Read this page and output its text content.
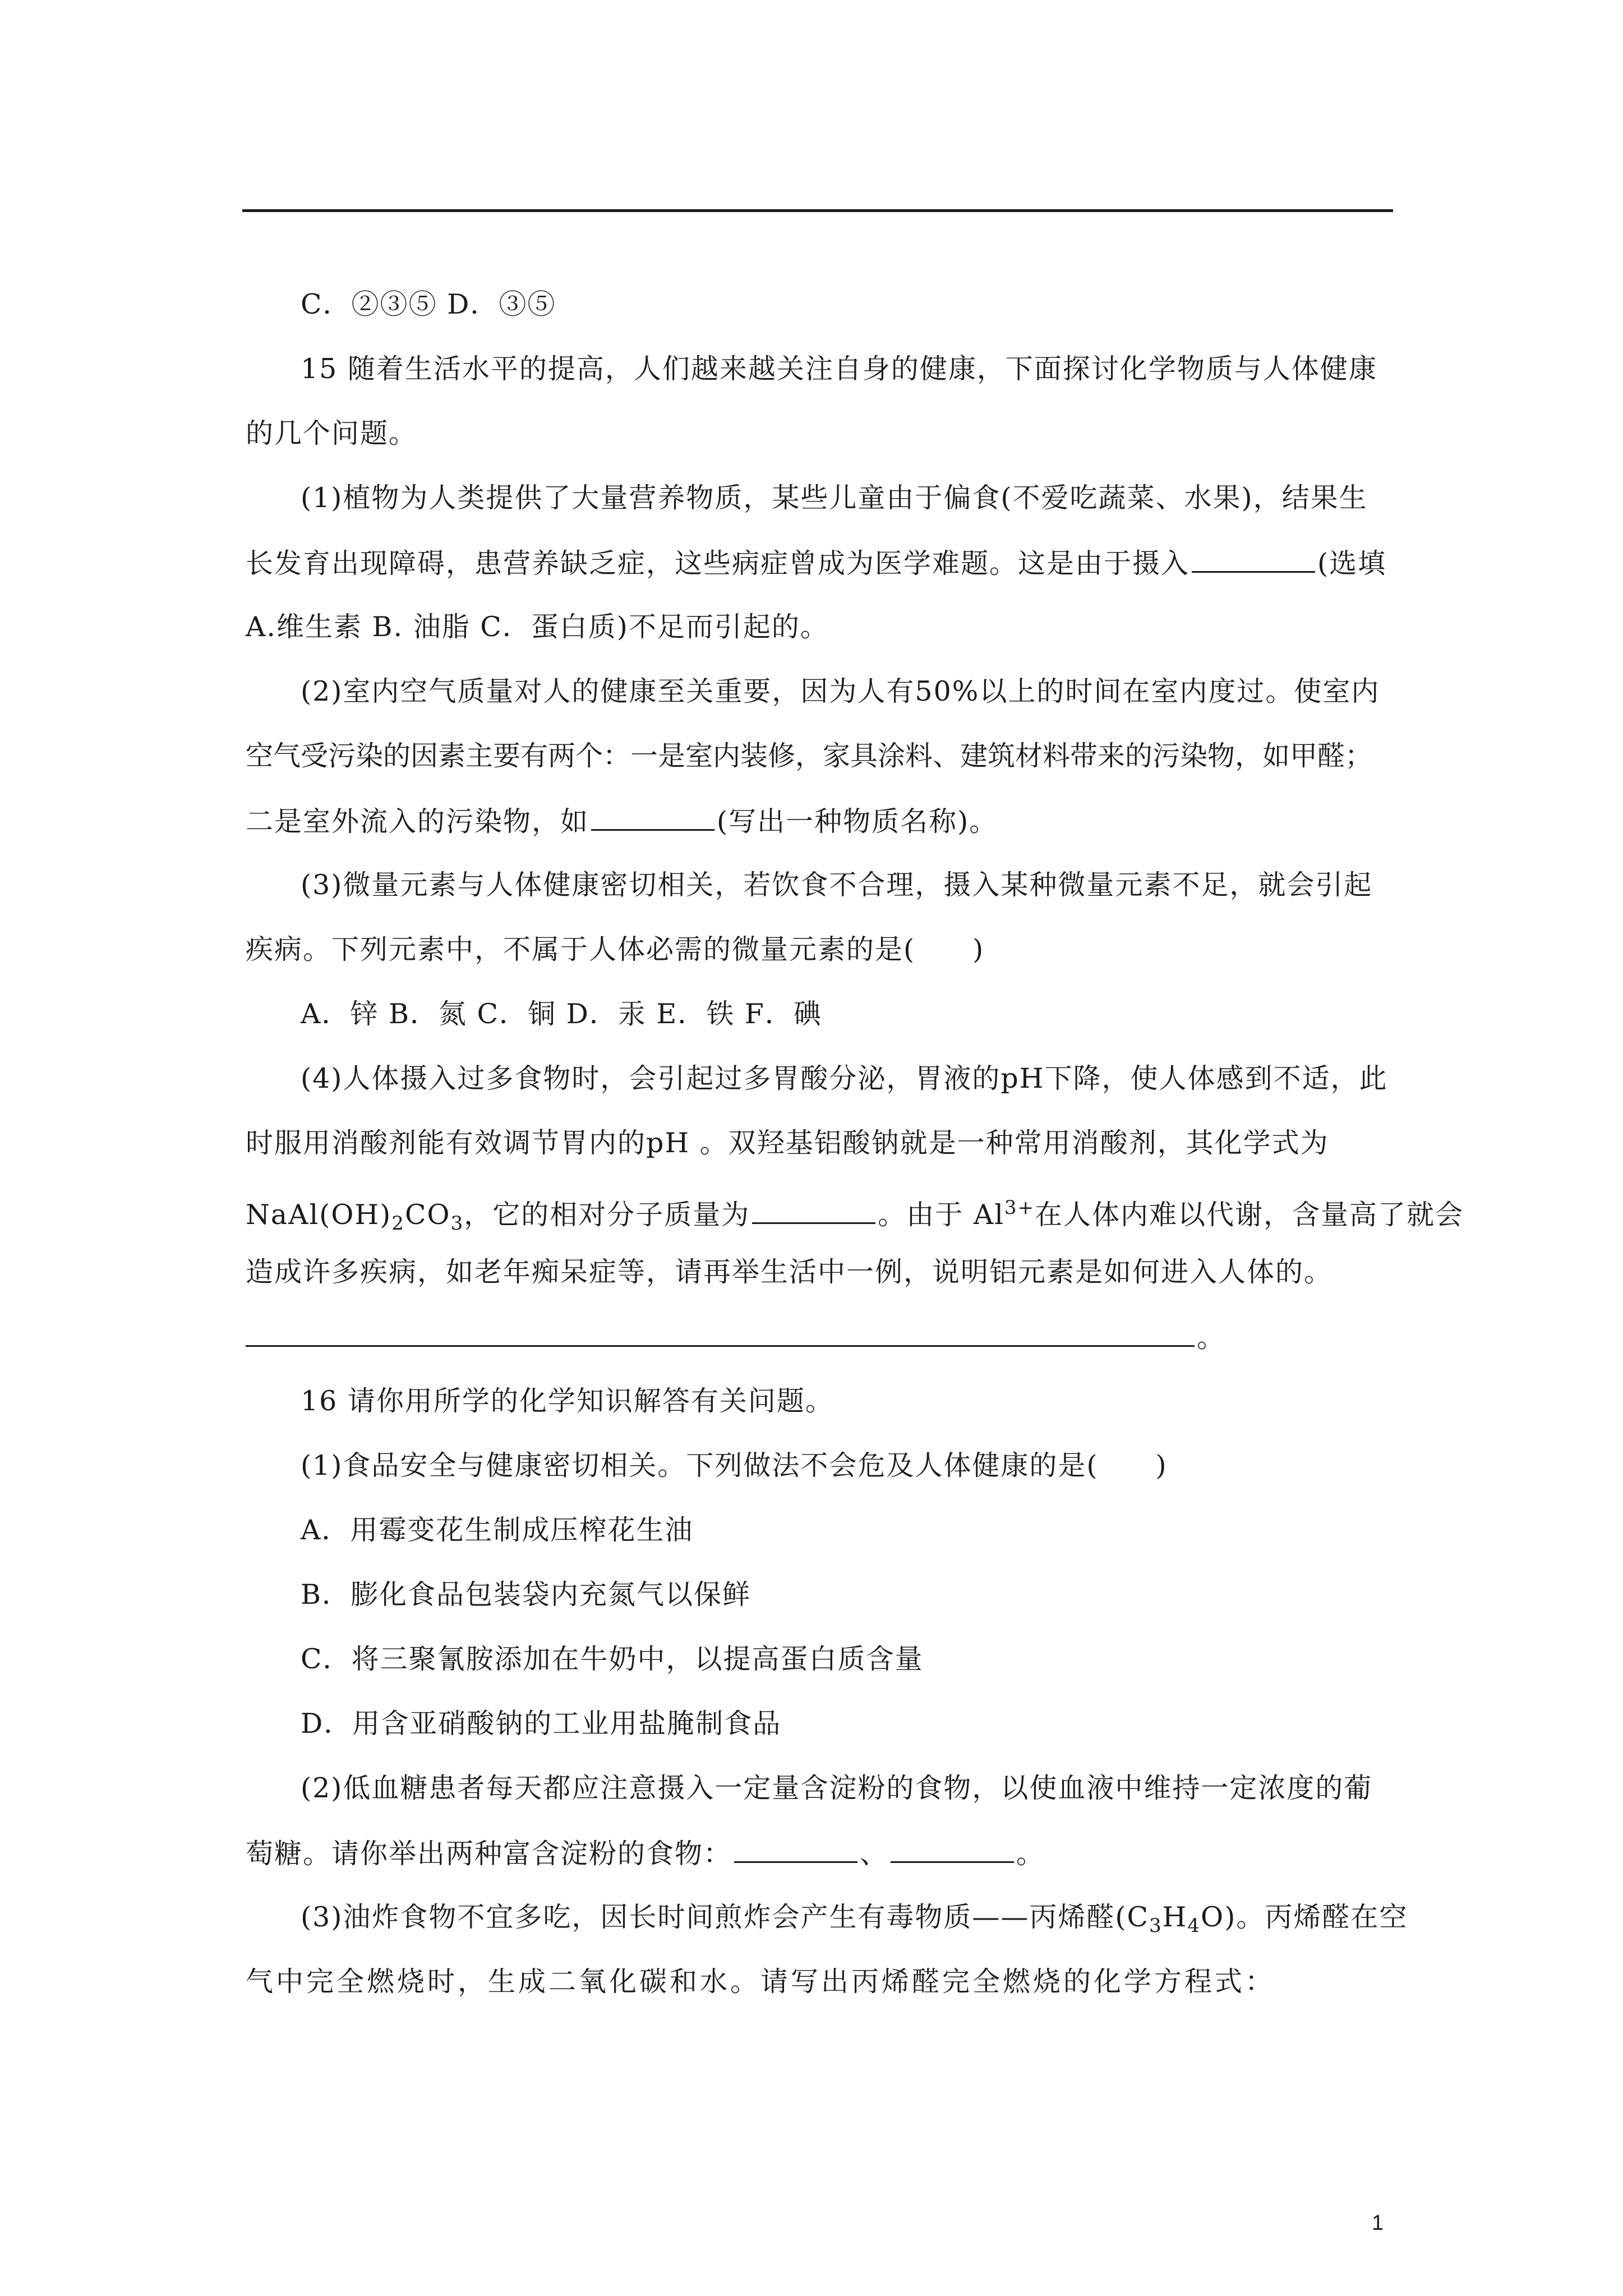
C．②③⑤ D．③⑤
15 随着生活水平的提高，人们越来越关注自身的健康，下面探讨化学物质与人体健康
的几个问题。
(1)植物为人类提供了大量营养物质，某些儿童由于偏食(不爱吃蔬菜、水果)，结果生
长发育出现障碍，患营养缺乏症，这些病症曾成为医学难题。这是由于摄入	(选填
A.维生素 B. 油脂 C．蛋白质)不足而引起的。
(2)室内空气质量对人的健康至关重要，因为人有50%以上的时间在室内度过。使室内
空气受污染的因素主要有两个：一是室内装修，家具涂料、建筑材料带来的污染物，如甲醛；
二是室外流入的污染物，如	(写出一种物质名称)。
(3)微量元素与人体健康密切相关，若饮食不合理，摄入某种微量元素不足，就会引起
疾病。下列元素中，不属于人体必需的微量元素的是(　　)
A．锌 B．氮 C．铜 D．汞 E．铁 F．碘
(4)人体摄入过多食物时，会引起过多胃酸分泌，胃液的pH下降，使人体感到不适，此
时服用消酸剂能有效调节胃内的pH 。双羟基铝酸钠就是一种常用消酸剂，其化学式为
$NaAl(OH)_2CO_3$，它的相对分子质量为	。由于 $Al^{3+}$在人体内难以代谢，含量高了就会
造成许多疾病，如老年痴呆症等，请再举生活中一例，说明铝元素是如何进入人体的。
。
16 请你用所学的化学知识解答有关问题。
(1)食品安全与健康密切相关。下列做法不会危及人体健康的是(　　)
A．用霉变花生制成压榨花生油
B．膨化食品包装袋内充氮气以保鲜
C．将三聚氰胺添加在牛奶中，以提高蛋白质含量
D．用含亚硝酸钠的工业用盐腌制食品
(2)低血糖患者每天都应注意摄入一定量含淀粉的食物，以使血液中维持一定浓度的葡
萄糖。请你举出两种富含淀粉的食物：	、	。
(3)油炸食物不宜多吃，因长时间煎炸会产生有毒物质——丙烯醛$(C_3H_4O)$。丙烯醛在空
气中完全燃烧时，生成二氧化碳和水。请写出丙烯醛完全燃烧的化学方程式：
1
